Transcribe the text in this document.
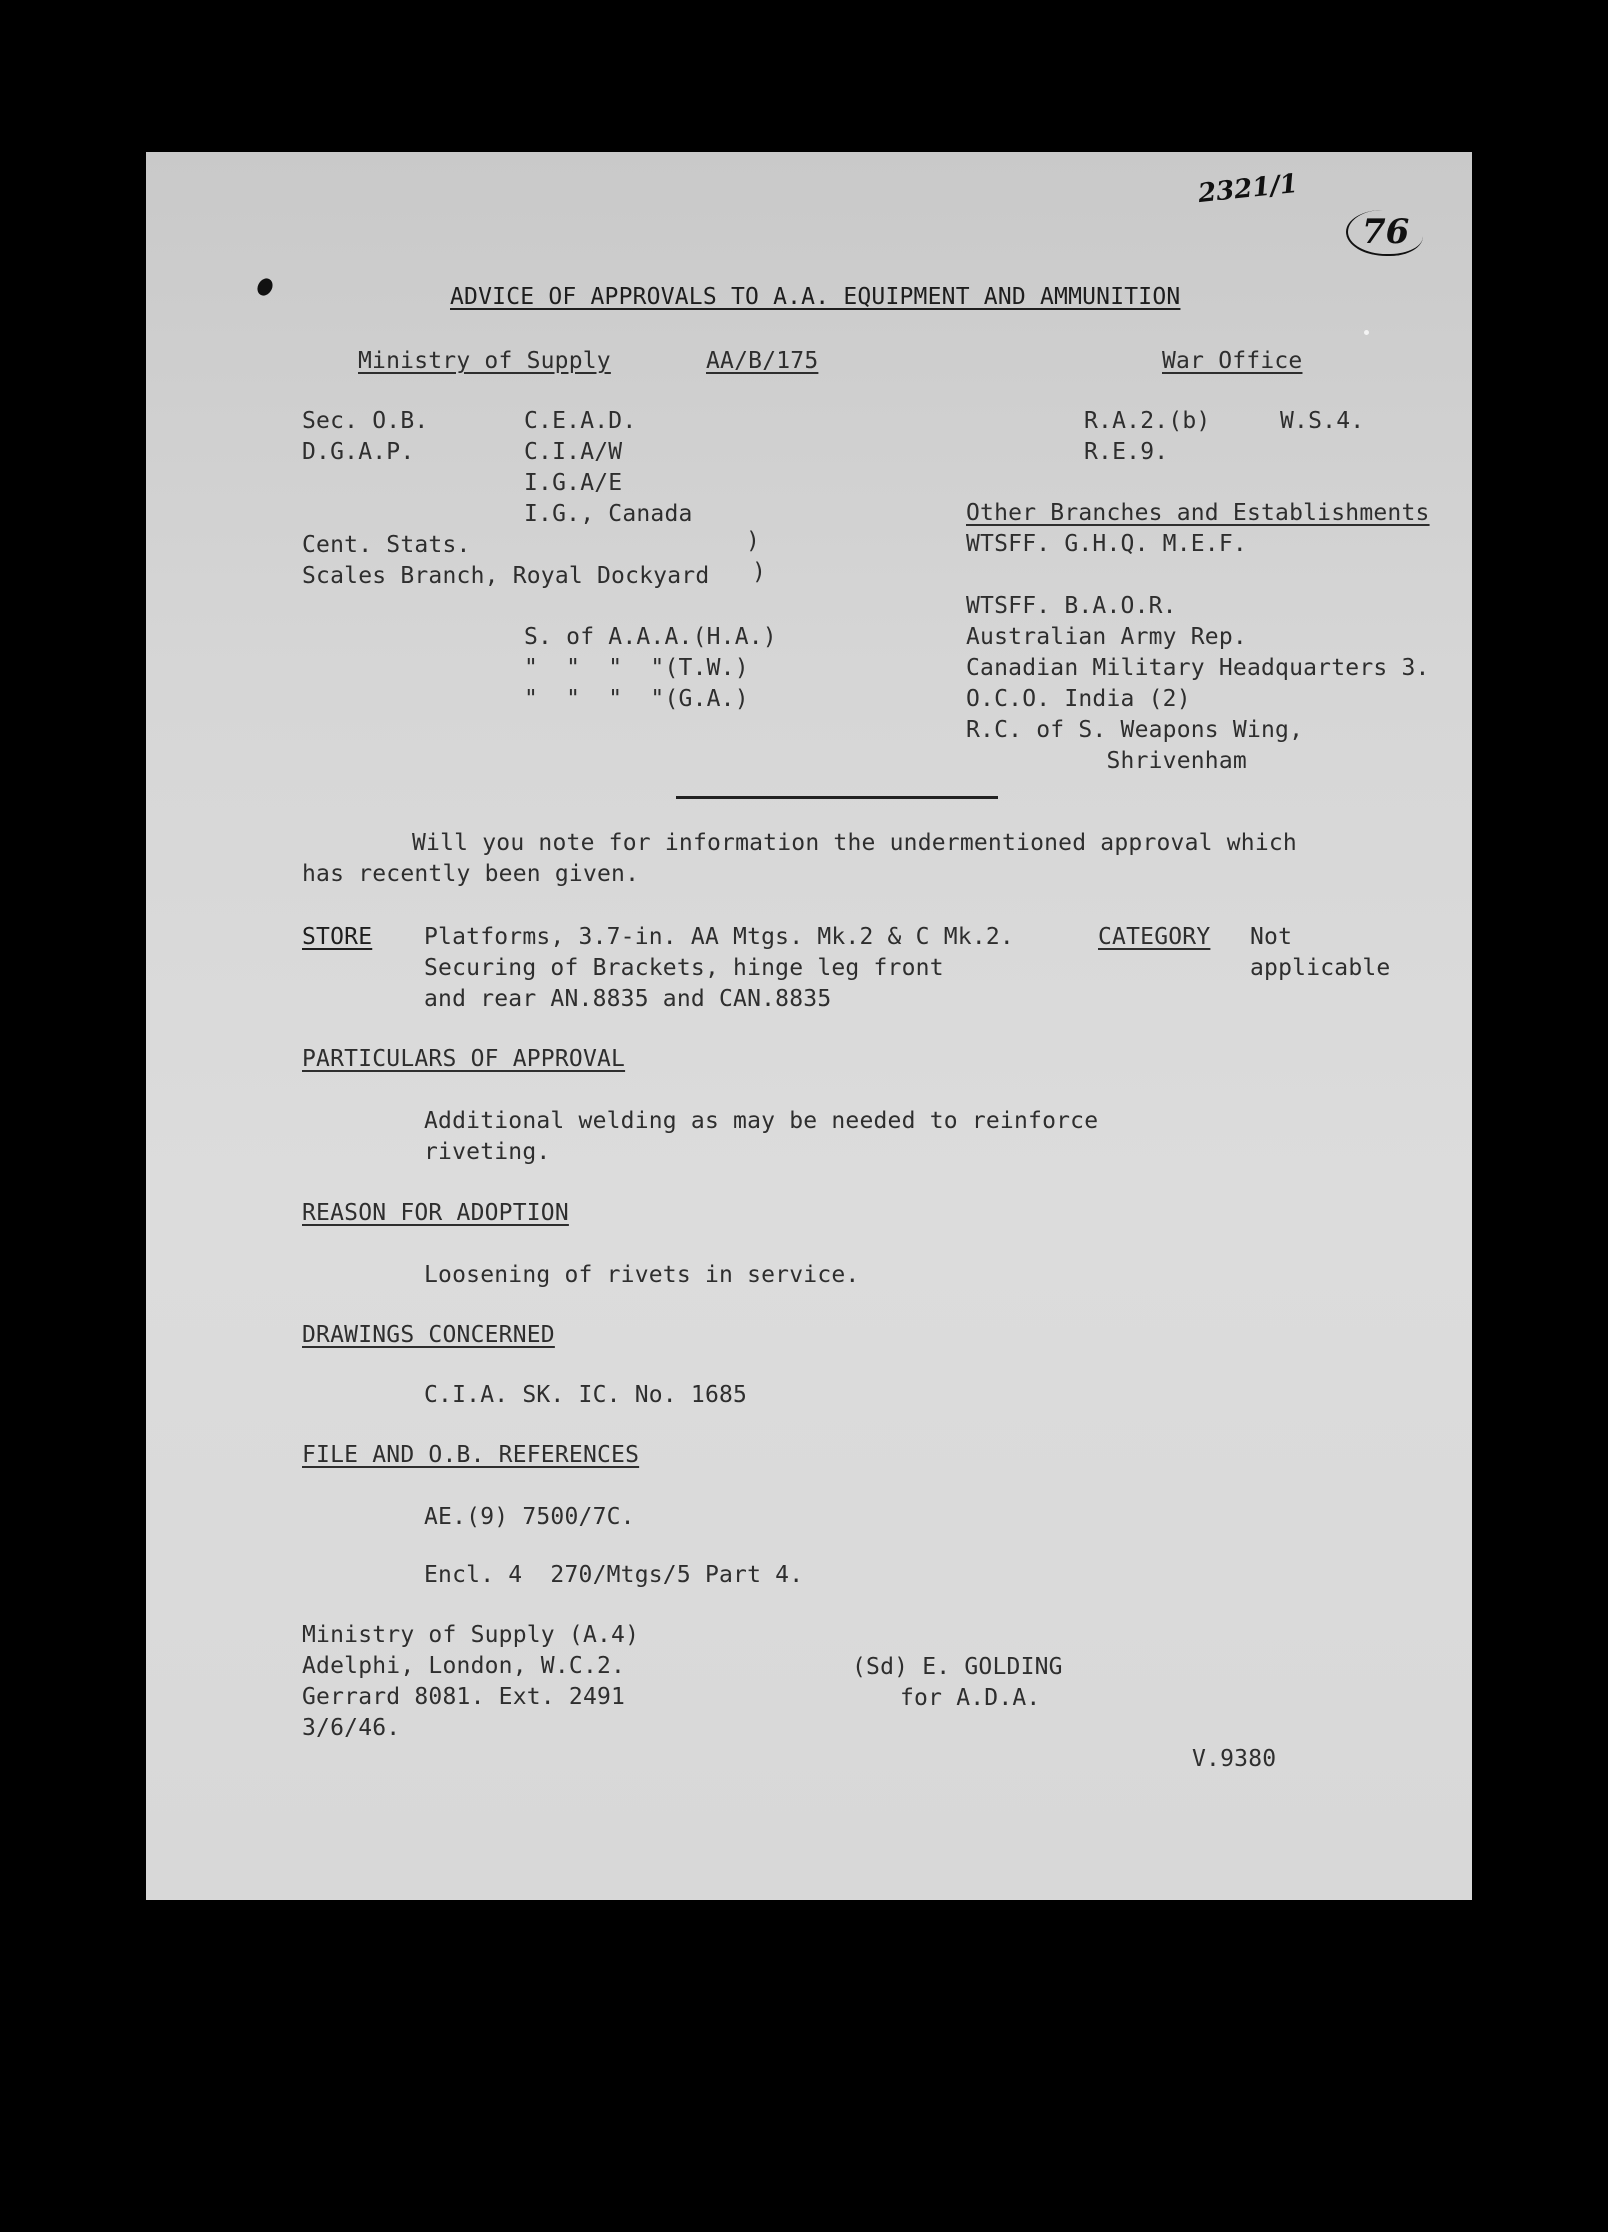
2321/1
76
ADVICE OF APPROVALS TO A.A. EQUIPMENT AND AMMUNITION
Ministry of Supply	AA/B/175	War Office
Sec. O.B.
D.G.A.P.
C.E.A.D.
C.I.A/W
I.G.A/E
I.G., Canada
Cent. Stats.
Scales Branch, Royal Dockyard
)
)
S. of A.A.A.(H.A.)
"  "  "  "(T.W.)
"  "  "  "(G.A.)
R.A.2.(b)
R.E.9.
W.S.4.
Other Branches and Establishments
WTSFF. G.H.Q. M.E.F.
WTSFF. B.A.O.R.
Australian Army Rep.
Canadian Military Headquarters 3.
O.C.O. India (2)
R.C. of S. Weapons Wing,
Shrivenham
Will you note for information the undermentioned approval which
has recently been given.
STORE Platforms, 3.7-in. AA Mtgs. Mk.2 & C Mk.2.
Securing of Brackets, hinge leg front
and rear AN.8835 and CAN.8835
CATEGORY Not
applicable
PARTICULARS OF APPROVAL
Additional welding as may be needed to reinforce
riveting.
REASON FOR ADOPTION
Loosening of rivets in service.
DRAWINGS CONCERNED
C.I.A. SK. IC. No. 1685
FILE AND O.B. REFERENCES
AE.(9) 7500/7C.
Encl. 4  270/Mtgs/5 Part 4.
Ministry of Supply (A.4)
Adelphi, London, W.C.2.
Gerrard 8081. Ext. 2491
3/6/46.
(Sd) E. GOLDING
for A.D.A.
V.9380
